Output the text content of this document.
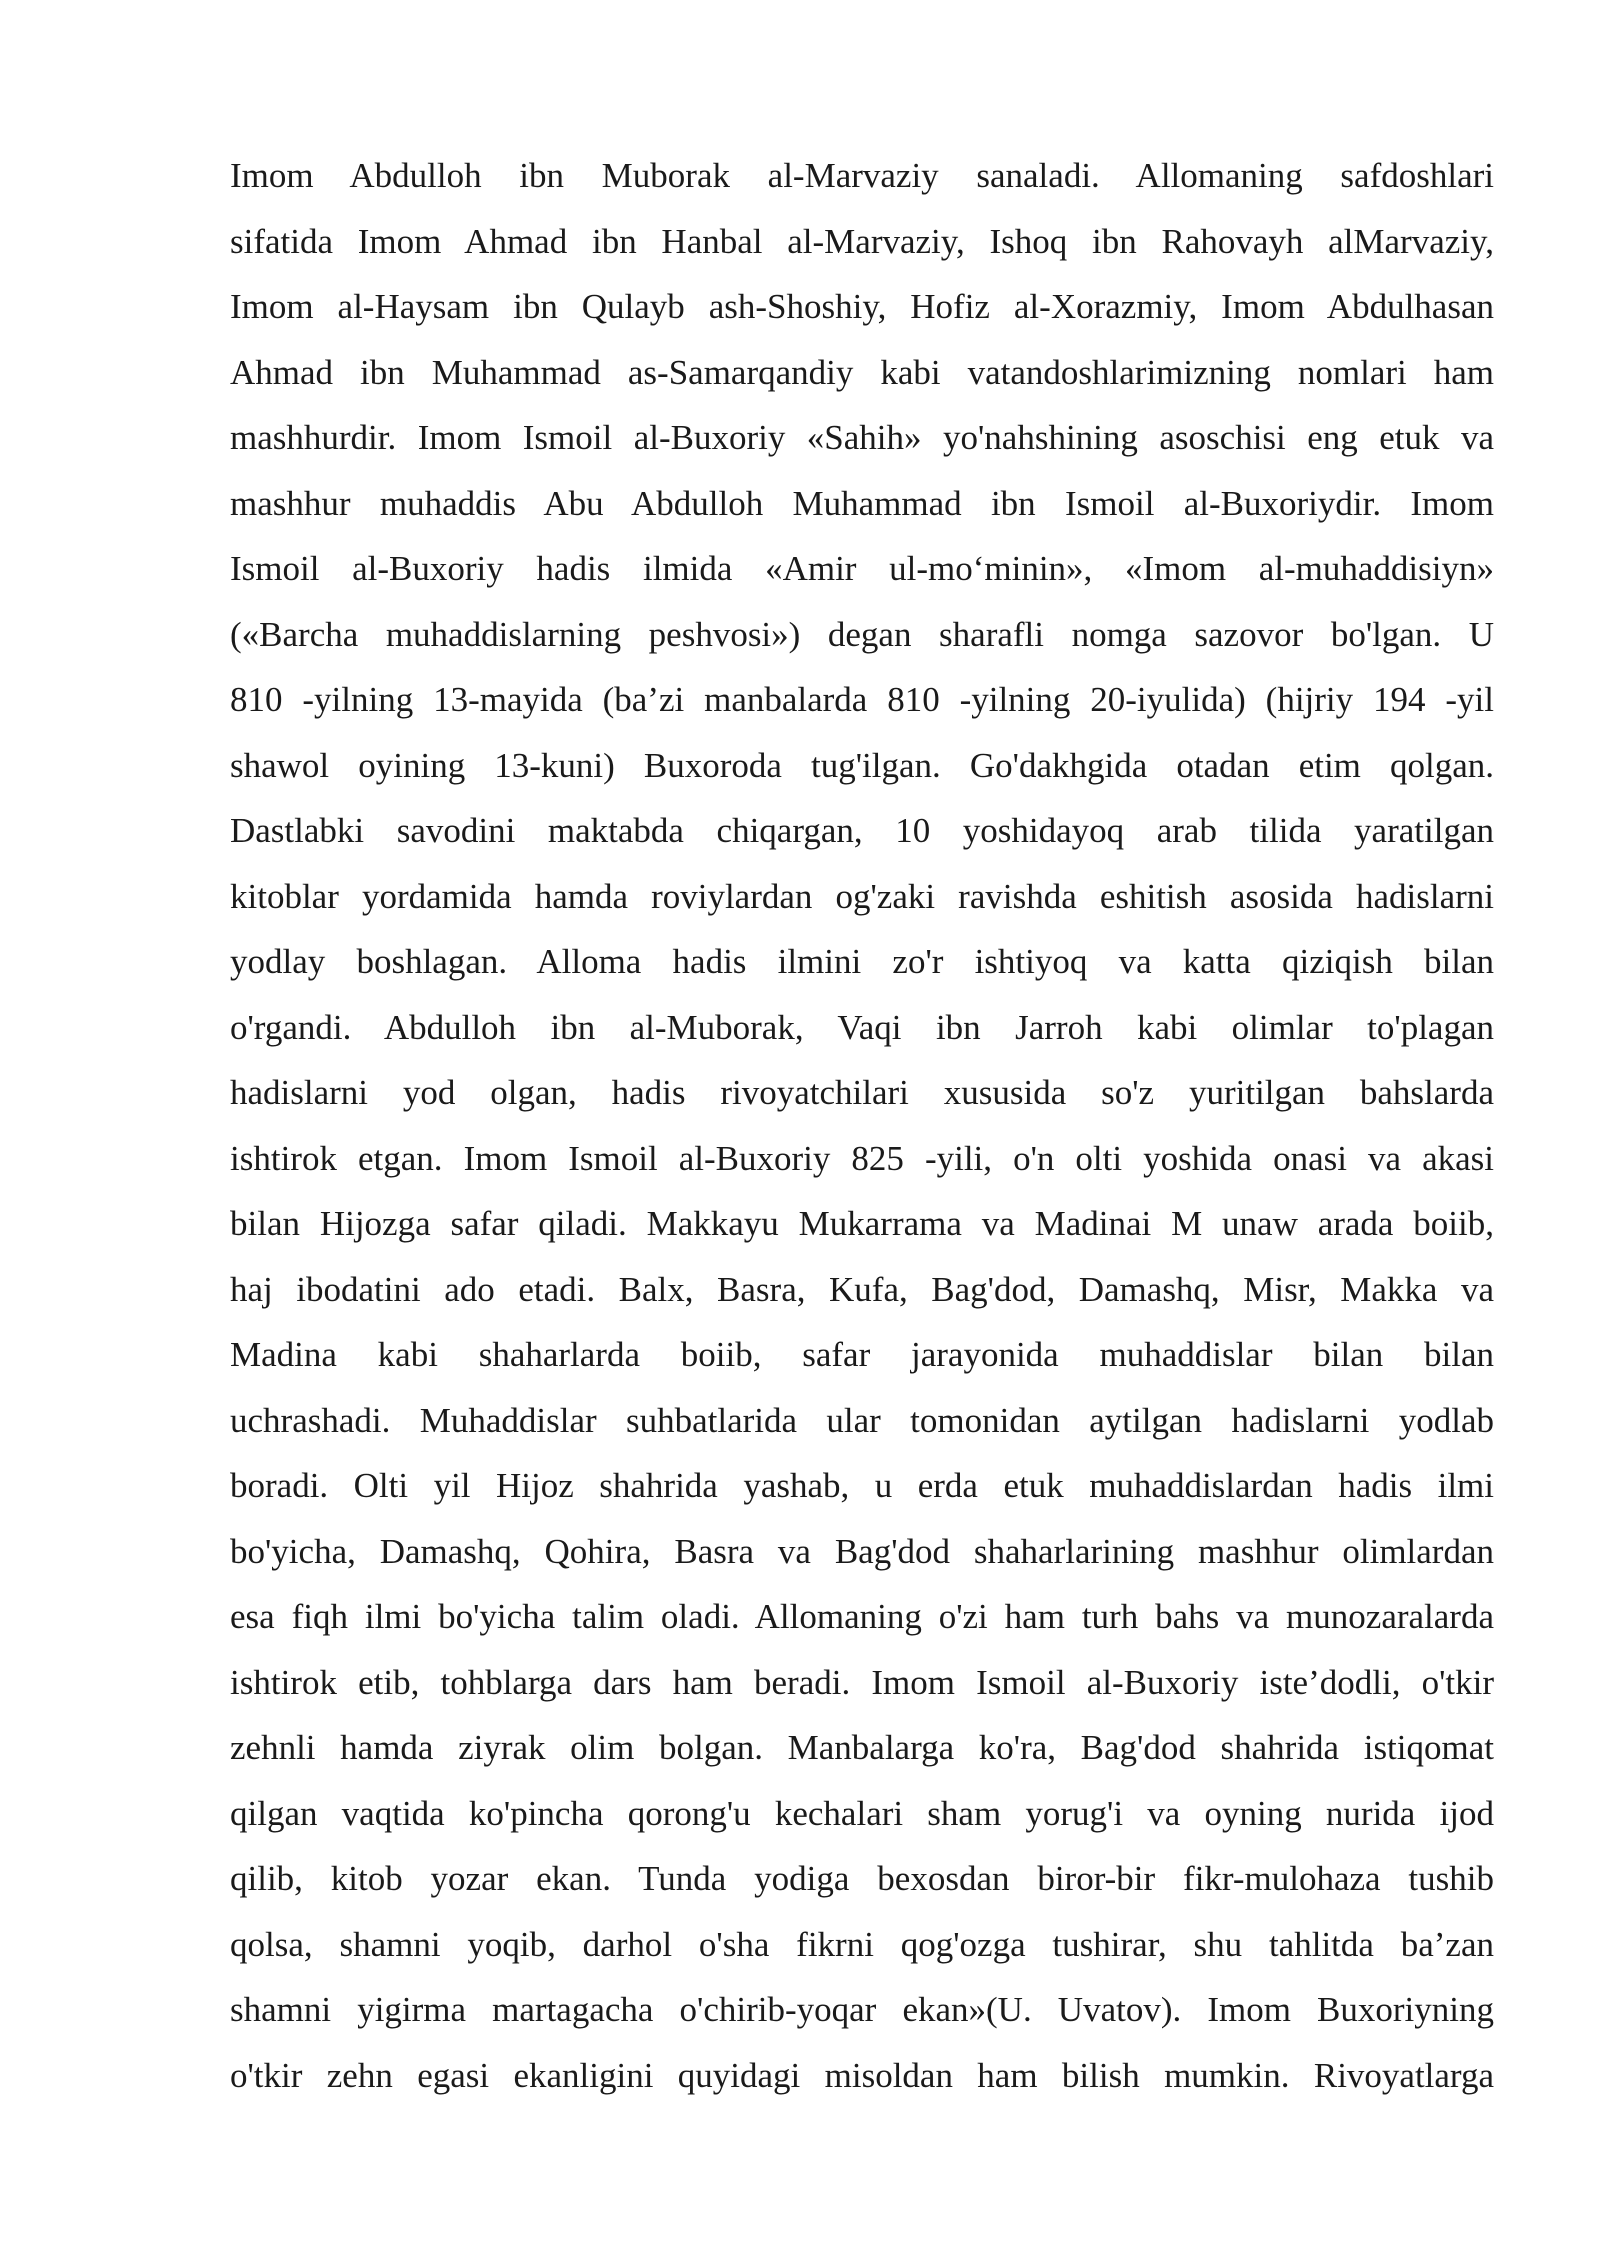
Imom Abdulloh ibn Muborak al-Marvaziy sanaladi. Allomaning safdoshlari
sifatida Imom Ahmad ibn Hanbal al-Marvaziy, Ishoq ibn Rahovayh alMarvaziy,
Imom al-Haysam ibn Qulayb ash-Shoshiy, Hofiz al-Xorazmiy, Imom Abdulhasan
Ahmad ibn Muhammad as-Samarqandiy kabi vatandoshlarimizning nomlari ham
mashhurdir. Imom Ismoil al-Buxoriy «Sahih» yo'nahshining asoschisi eng etuk va
mashhur muhaddis Abu Abdulloh Muhammad ibn Ismoil al-Buxoriydir. Imom
Ismoil al-Buxoriy hadis ilmida «Amir ul-mo‘minin», «Imom al-muhaddisiyn»
(«Barcha muhaddislarning peshvosi») degan sharafli nomga sazovor bo'lgan. U
810 -yilning 13-mayida (ba’zi manbalarda 810 -yilning 20-iyulida) (hijriy 194 -yil
shawol oyining 13-kuni) Buxoroda tug'ilgan. Go'dakhgida otadan etim qolgan.
Dastlabki savodini maktabda chiqargan, 10 yoshidayoq arab tilida yaratilgan
kitoblar yordamida hamda roviylardan og'zaki ravishda eshitish asosida hadislarni
yodlay boshlagan. Alloma hadis ilmini zo'r ishtiyoq va katta qiziqish bilan
o'rgandi. Abdulloh ibn al-Muborak, Vaqi ibn Jarroh kabi olimlar to'plagan
hadislarni yod olgan, hadis rivoyatchilari xususida so'z yuritilgan bahslarda
ishtirok etgan. Imom Ismoil al-Buxoriy 825 -yili, o'n olti yoshida onasi va akasi
bilan Hijozga safar qiladi. Makkayu Mukarrama va Madinai M unaw arada boiib,
haj ibodatini ado etadi. Balx, Basra, Kufa, Bag'dod, Damashq, Misr, Makka va
Madina kabi shaharlarda boiib, safar jarayonida muhaddislar bilan bilan
uchrashadi. Muhaddislar suhbatlarida ular tomonidan aytilgan hadislarni yodlab
boradi. Olti yil Hijoz shahrida yashab, u erda etuk muhaddislardan hadis ilmi
bo'yicha, Damashq, Qohira, Basra va Bag'dod shaharlarining mashhur olimlardan
esa fiqh ilmi bo'yicha talim oladi. Allomaning o'zi ham turh bahs va munozaralarda
ishtirok etib, tohblarga dars ham beradi. Imom Ismoil al-Buxoriy iste’dodli, o'tkir
zehnli hamda ziyrak olim bolgan. Manbalarga ko'ra, Bag'dod shahrida istiqomat
qilgan vaqtida ko'pincha qorong'u kechalari sham yorug'i va oyning nurida ijod
qilib, kitob yozar ekan. Tunda yodiga bexosdan biror-bir fikr-mulohaza tushib
qolsa, shamni yoqib, darhol o'sha fikrni qog'ozga tushirar, shu tahlitda ba’zan
shamni yigirma martagacha o'chirib-yoqar ekan»(U. Uvatov). Imom Buxoriyning
o'tkir zehn egasi ekanligini quyidagi misoldan ham bilish mumkin. Rivoyatlarga
